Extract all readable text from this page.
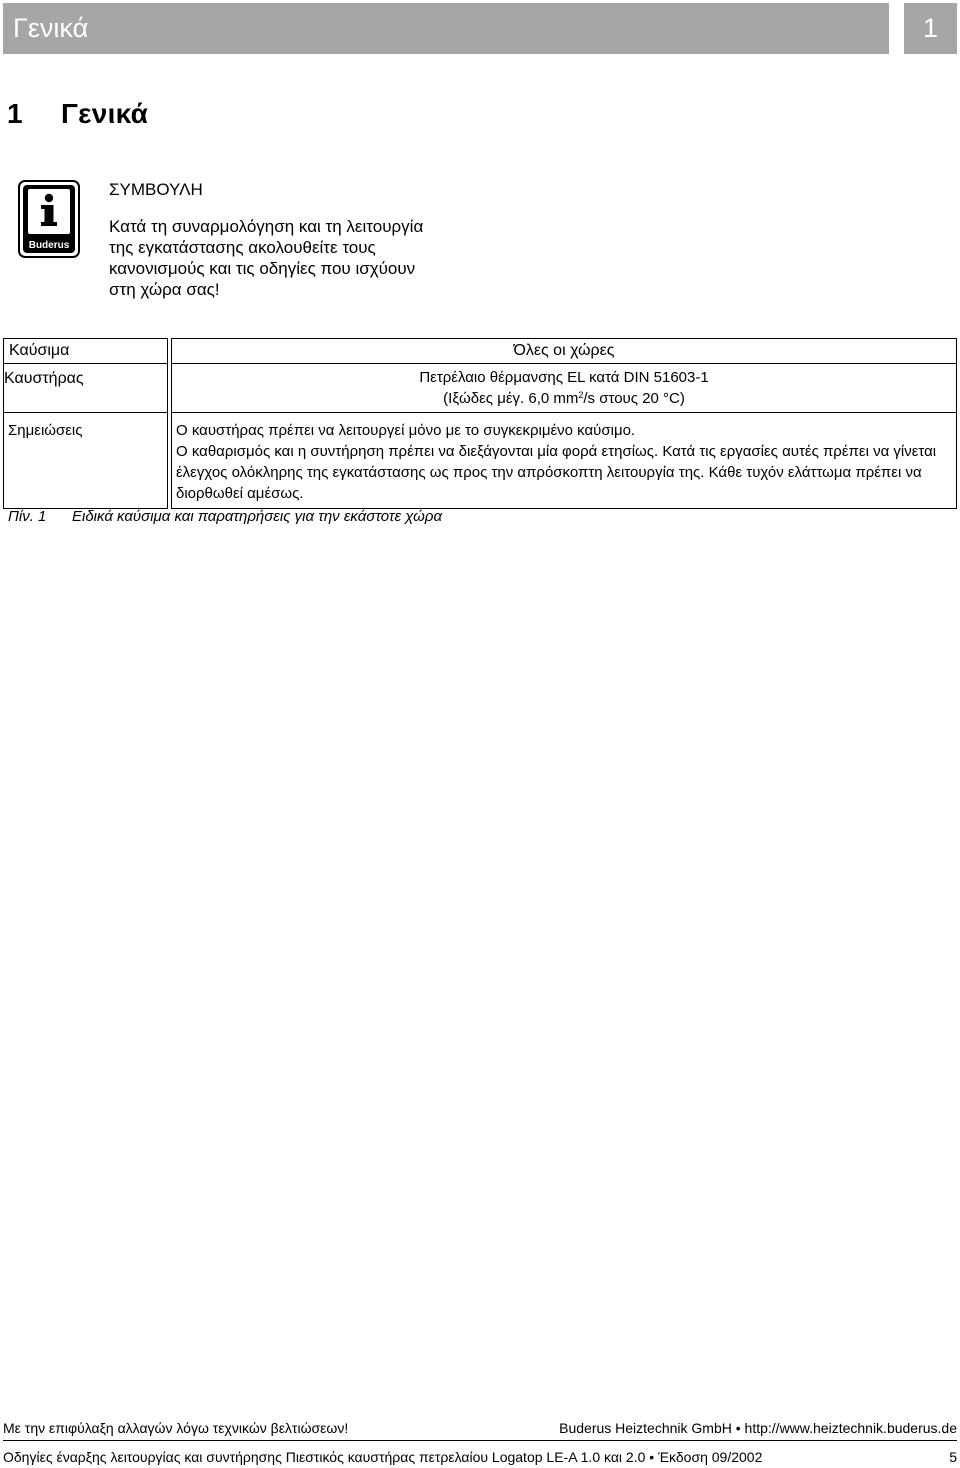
Γενικά	1
1 Γενικά
Buderus
ΣΥΜΒΟΥΛΗ
Κατά τη συναρμολόγηση και τη λειτουργία
της εγκατάστασης ακολουθείτε τους
κανονισμούς και τις οδηγίες που ισχύουν
στη χώρα σας!
Καύσιμα		Όλες οι χώρες
Καυστήρας		Πετρέλαιο θέρμανσης EL κατά DIN 51603-1
(Ιξώδες μέγ. 6,0 $mm^2/s$ στους 20 °C)

Σημειώσεις		Ο καυστήρας πρέπει να λειτουργεί μόνο με το συγκεκριμένο καύσιμο.
Ο καθαρισμός και η συντήρηση πρέπει να διεξάγονται μία φορά ετησίως. Κατά τις εργασίες αυτές πρέπει να γίνεται έλεγχος ολόκληρης της εγκατάστασης ως προς την απρόσκοπτη λειτουργία της. Κάθε τυχόν ελάττωμα πρέπει να διορθωθεί αμέσως.
Πίν. 1 Ειδικά καύσιμα και παρατηρήσεις για την εκάστοτε χώρα
Με την επιφύλαξη αλλαγών λόγω τεχνικών βελτιώσεων!	Buderus Heiztechnik GmbH • http://www.heiztechnik.buderus.de
Οδηγίες έναρξης λειτουργίας και συντήρησης Πιεστικός καυστήρας πετρελαίου Logatop LE-A 1.0 και 2.0 • Έκδοση 09/2002	5
